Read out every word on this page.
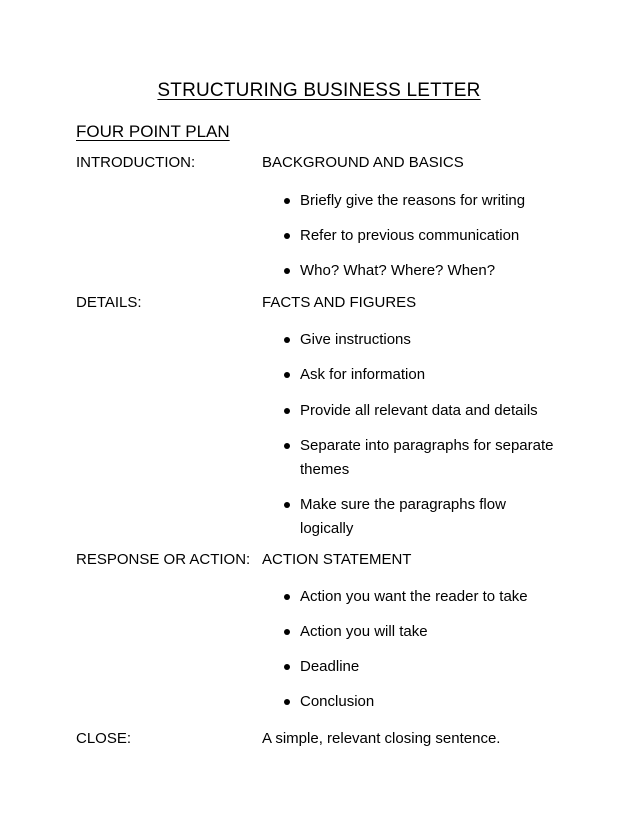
STRUCTURING BUSINESS LETTER
FOUR POINT PLAN
INTRODUCTION:	BACKGROUND AND BASICS
Briefly give the reasons for writing
Refer to previous communication
Who? What? Where? When?
DETAILS:	FACTS AND FIGURES
Give instructions
Ask for information
Provide all relevant data and details
Separate into paragraphs for separate themes
Make sure the paragraphs flow logically
RESPONSE OR ACTION: ACTION STATEMENT
Action you want the reader to take
Action you will take
Deadline
Conclusion
CLOSE:	A simple, relevant closing sentence.
